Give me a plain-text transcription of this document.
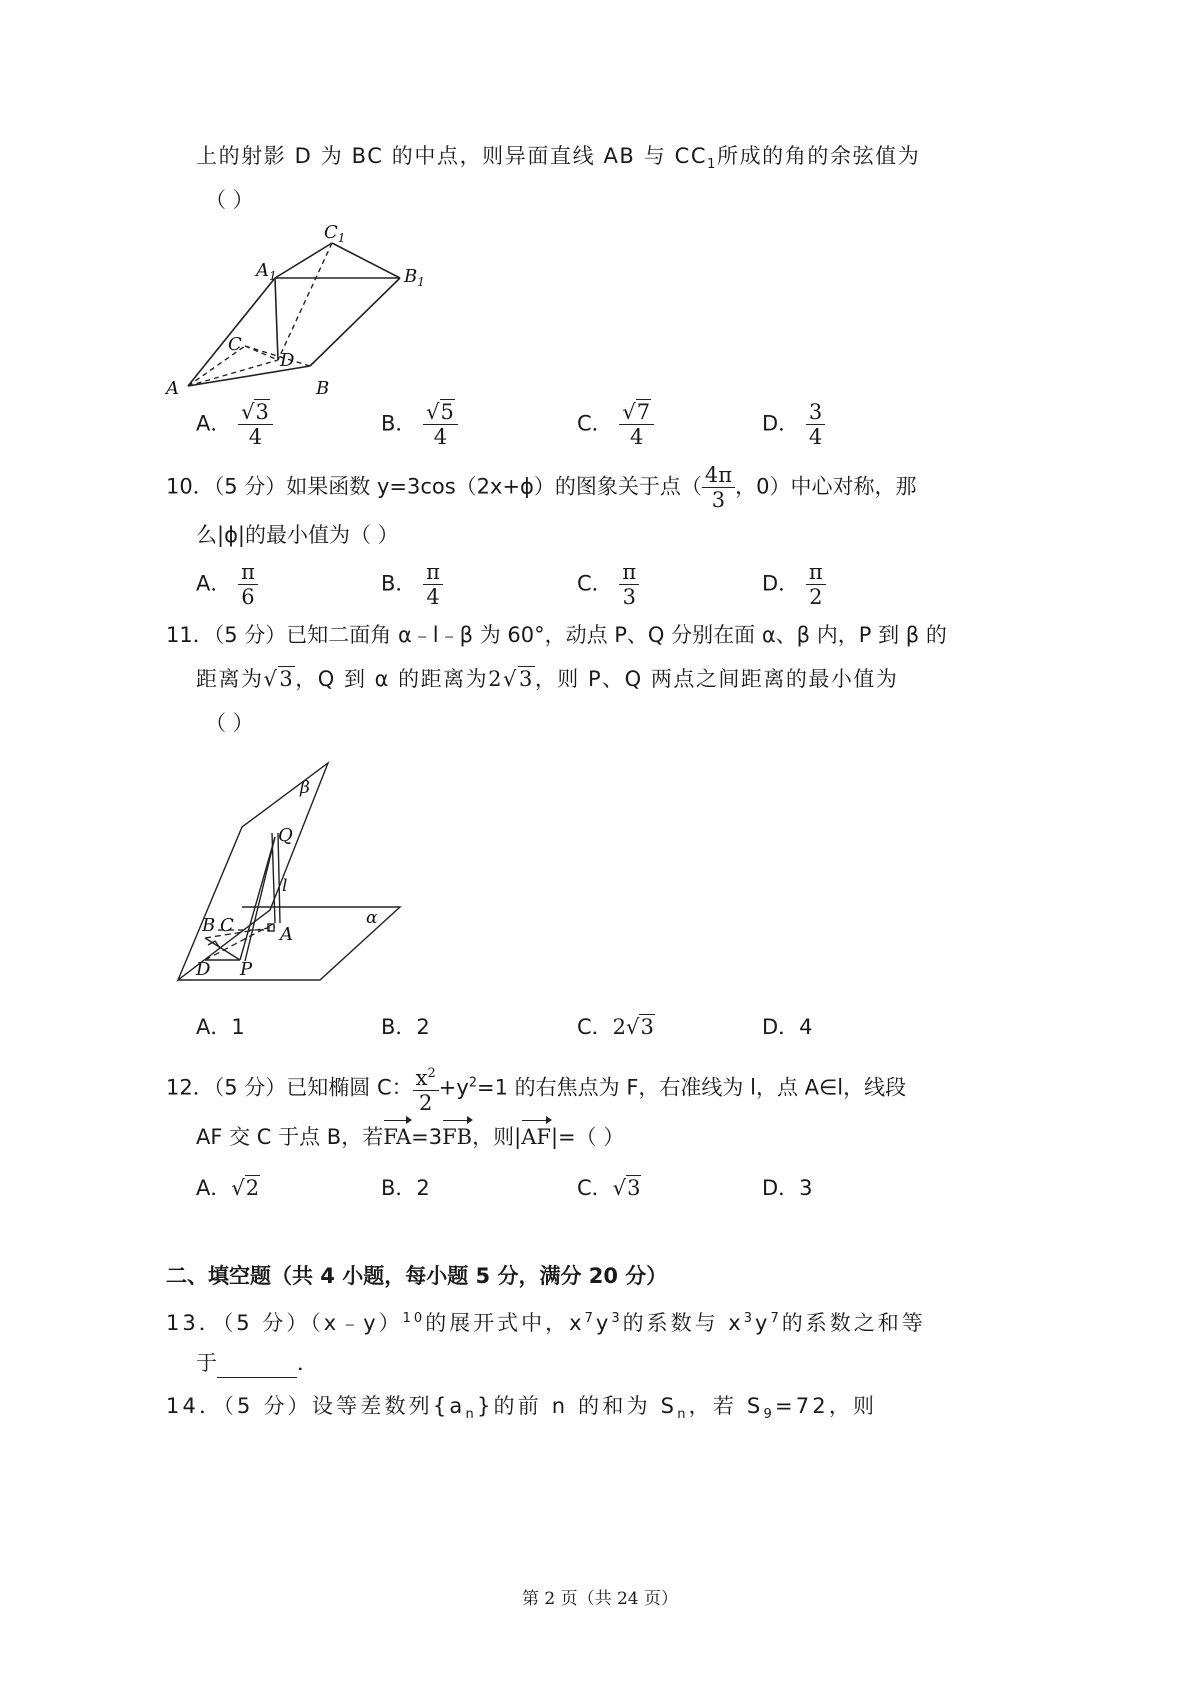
上的射影 D 为 BC 的中点，则异面直线 AB 与 $CC_1$所成的角的余弦值为
（ ）
$C_1$
$A_1$	$B_1$
C
D
A	B
A． $\frac{√3}{4}$	B． $\frac{√5}{4}$	C． $\frac{√7}{4}$	D． $\frac{3}{4}$
10．（5 分）如果函数 y=3cos（2x+ϕ）的图象关于点（ $\frac{4\pi}{3}$ ，0）中心对称，那
么|ϕ|的最小值为（ ）
A． $\frac{\pi}{6}$	B． $\frac{\pi}{4}$	C． $\frac{\pi}{3}$	D． $\frac{\pi}{2}$
11．（5 分）已知二面角 α﹣l﹣β 为 60°，动点 P、Q 分别在面 α、β 内，P 到 β 的
距离为√3，Q 到 α 的距离为2√3，则 P、Q 两点之间距离的最小值为
（ ）
β
Q
l
α
B C	A
D P
A．1	B．2	C．2√3	D．4
12．（5 分）已知椭圆 C： $\frac{x^2}{2} +y^2=1$ 的右焦点为 F，右准线为 l，点 A∈l，线段
AF 交 C 于点 B，若FA=3FB，则|AF|=（ ）
A．√2	B．2	C．√3	D．3
二、填空题（共 4 小题，每小题 5 分，满分 20 分）
13．（5 分）（x﹣y）$^{10}$的展开式中，$x^7y^3$的系数与 $x^3y^7$的系数之和等
于	．
14．（5 分）设等差数列$\{a_n\}$的前 n 的和为 $S_n$，若 $S_9=72$，则
第 2 页（共 24 页）
